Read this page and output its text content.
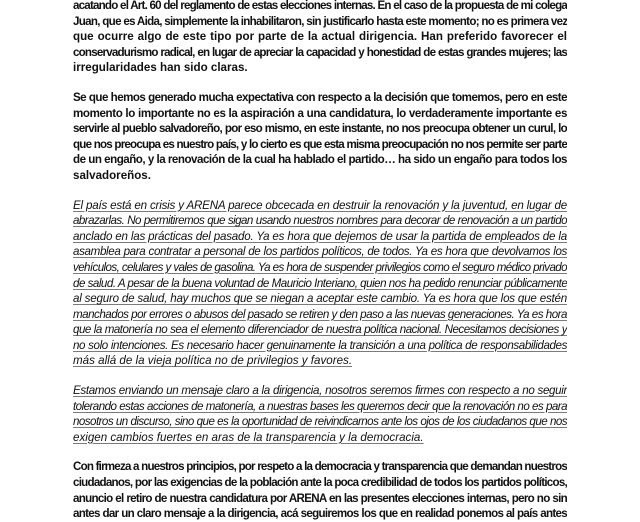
acatando el Art. 60 del reglamento de estas elecciones internas. En el caso de la propuesta de mi colega
Juan, que es Aida, simplemente la inhabilitaron, sin justificarlo hasta este momento; no es primera vez
que ocurre algo de este tipo por parte de la actual dirigencia. Han preferido favorecer el
conservadurismo radical, en lugar de apreciar la capacidad y honestidad de estas grandes mujeres; las
irregularidades han sido claras.

Se que hemos generado mucha expectativa con respecto a la decisión que tomemos, pero en este
momento lo importante no es la aspiración a una candidatura, lo verdaderamente importante es
servirle al pueblo salvadoreño, por eso mismo, en este instante, no nos preocupa obtener un curul, lo
que nos preocupa es nuestro país, y lo cierto es que esta misma preocupación no nos permite ser parte
de un engaño, y la renovación de la cual ha hablado el partido… ha sido un engaño para todos los
salvadoreños.

El país está en crisis y ARENA parece obcecada en destruir la renovación y la juventud, en lugar de
abrazarlas. No permitiremos que sigan usando nuestros nombres para decorar de renovación a un partido
anclado en las prácticas del pasado. Ya es hora que dejemos de usar la partida de empleados de la
asamblea para contratar a personal de los partidos políticos, de todos. Ya es hora que devolvamos los
vehículos, celulares y vales de gasolina. Ya es hora de suspender privilegios como el seguro médico privado
de salud. A pesar de la buena voluntad de Mauricio Interiano, quien nos ha pedido renunciar públicamente
al seguro de salud, hay muchos que se niegan a aceptar este cambio. Ya es hora que los que estén
manchados por errores o abusos del pasado se retiren y den paso a las nuevas generaciones. Ya es hora
que la matonería no sea el elemento diferenciador de nuestra política nacional. Necesitamos decisiones y
no solo intenciones. Es necesario hacer genuinamente la transición a una política de responsabilidades
más allá de la vieja política no de privilegios y favores.

Estamos enviando un mensaje claro a la dirigencia, nosotros seremos firmes con respecto a no seguir
tolerando estas acciones de matonería, a nuestras bases les queremos decir que la renovación no es para
nosotros un discurso, sino que es la oportunidad de reivindicarnos ante los ojos de los ciudadanos que nos
exigen cambios fuertes en aras de la transparencia y la democracia.

Con firmeza a nuestros principios, por respeto a la democracia y transparencia que demandan nuestros
ciudadanos, por las exigencias de la población ante la poca credibilidad de todos los partidos políticos,
anuncio el retiro de nuestra candidatura por ARENA en las presentes elecciones internas, pero no sin
antes dar un claro mensaje a la dirigencia, acá seguiremos los que en realidad ponemos al país antes
